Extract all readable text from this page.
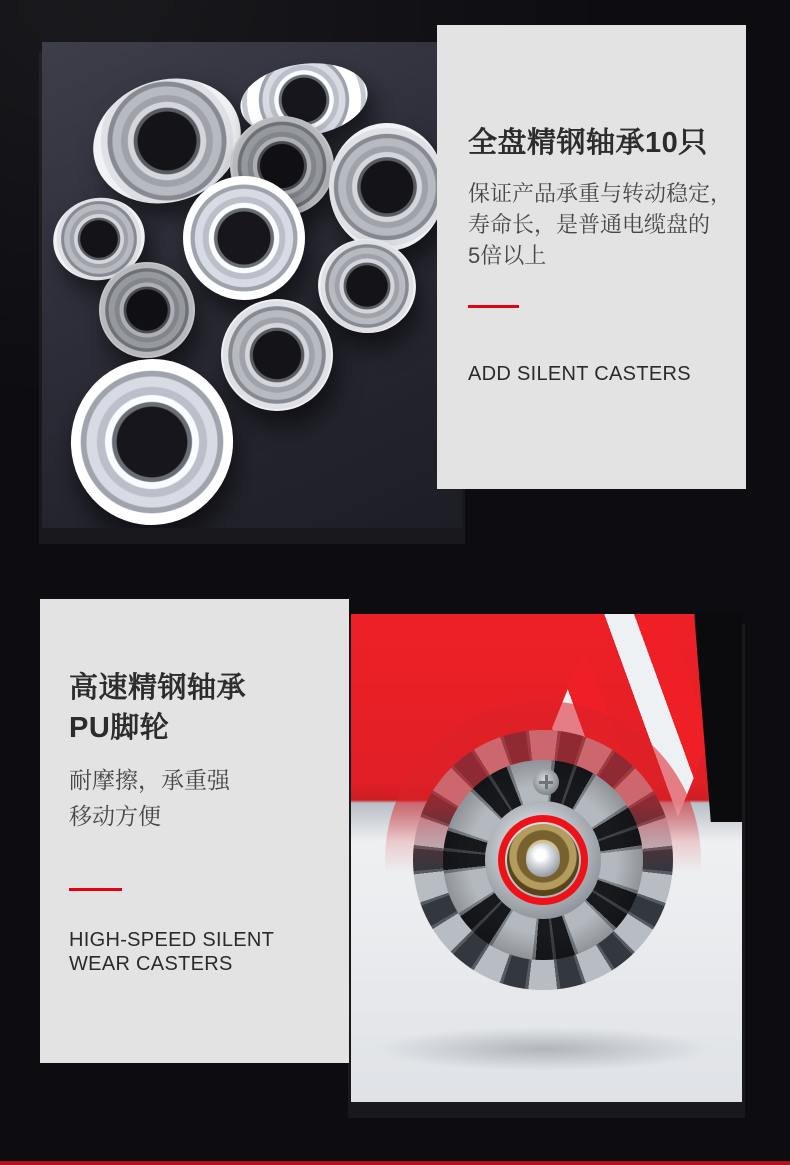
全盘精钢轴承10只
保证产品承重与转动稳定，
寿命长，是普通电缆盘的
5倍以上
ADD SILENT CASTERS
高速精钢轴承
PU脚轮
耐摩擦，承重强
移动方便
HIGH-SPEED SILENT
WEAR CASTERS
